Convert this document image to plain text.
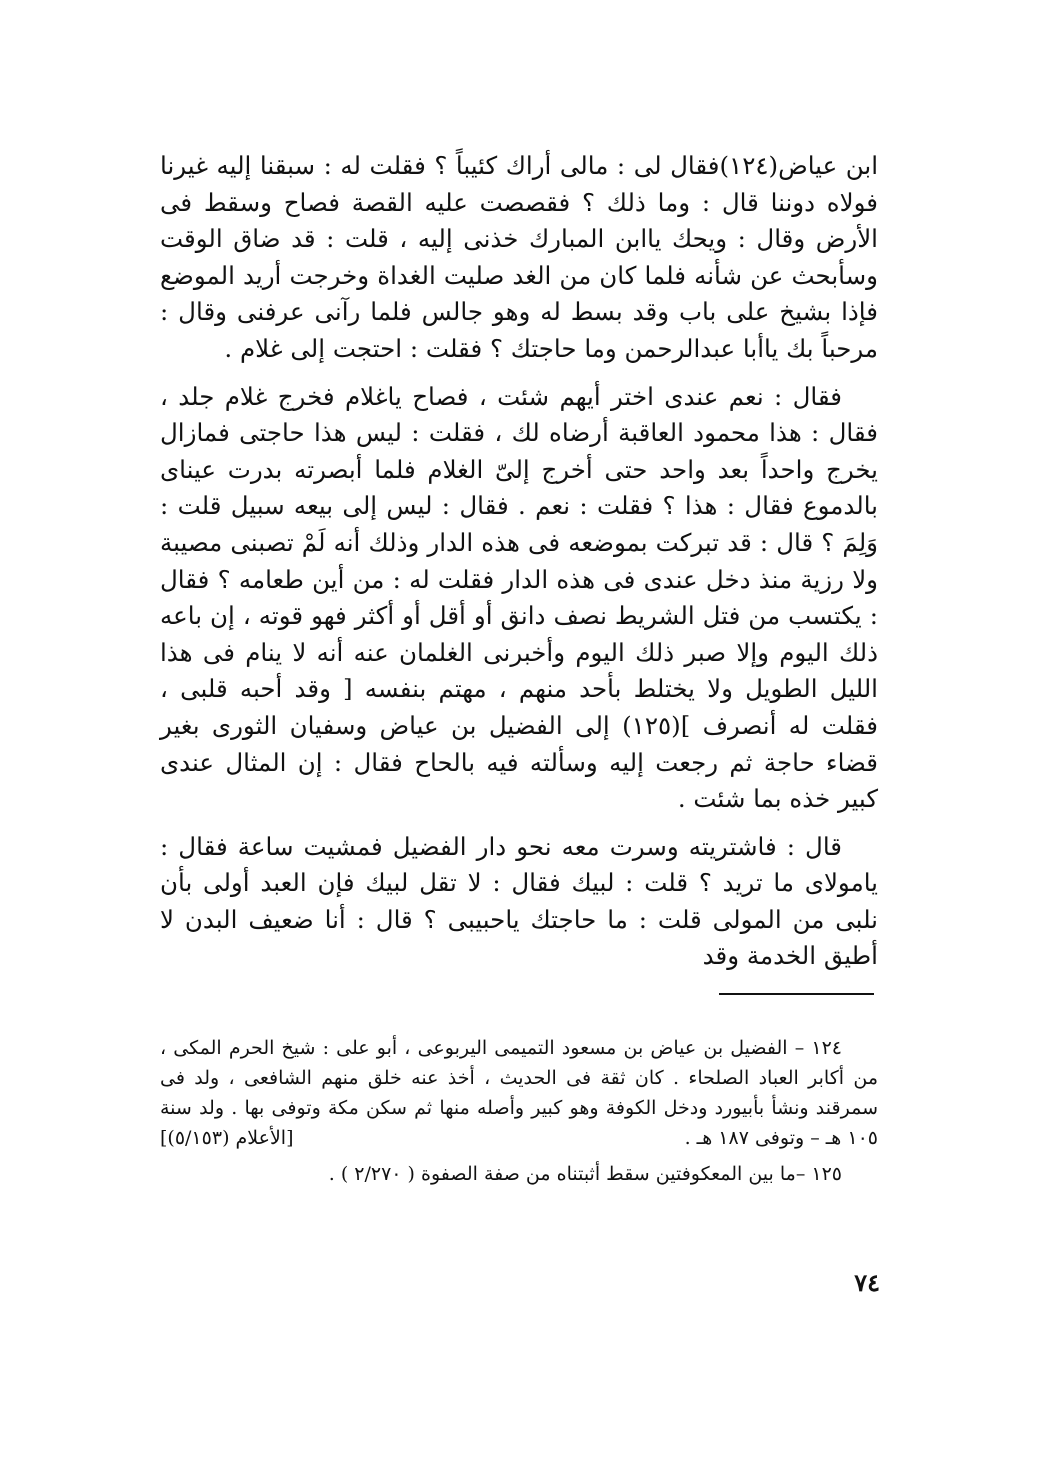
ابن عياض(١٢٤)فقال لى : مالى أراك كئيباً ؟ فقلت له : سبقنا إليه غيرنا فولاه دوننا قال : وما ذلك ؟ فقصصت عليه القصة فصاح وسقط فى الأرض وقال : ويحك ياابن المبارك خذنى إليه ، قلت : قد ضاق الوقت وسأبحث عن شأنه فلما كان من الغد صليت الغداة وخرجت أريد الموضع فإذا بشيخ على باب وقد بسط له وهو جالس فلما رآنى عرفنى وقال : مرحباً بك ياأبا عبدالرحمن وما حاجتك ؟ فقلت : احتجت إلى غلام .

فقال : نعم عندى اختر أيهم شئت ، فصاح ياغلام فخرج غلام جلد ، فقال : هذا محمود العاقبة أرضاه لك ، فقلت : ليس هذا حاجتى فمازال يخرج واحداً بعد واحد حتى أخرج إلىّ الغلام فلما أبصرته بدرت عيناى بالدموع فقال : هذا ؟ فقلت : نعم . فقال : ليس إلى بيعه سبيل قلت : وَلِمَ ؟ قال : قد تبركت بموضعه فى هذه الدار وذلك أنه لَمْ تصبنى مصيبة ولا رزية منذ دخل عندى فى هذه الدار فقلت له : من أين طعامه ؟ فقال : يكتسب من فتل الشريط نصف دانق أو أقل أو أكثر فهو قوته ، إن باعه ذلك اليوم وإلا صبر ذلك اليوم وأخبرنى الغلمان عنه أنه لا ينام فى هذا الليل الطويل ولا يختلط بأحد منهم ، مهتم بنفسه [ وقد أحبه قلبى ، فقلت له أنصرف ](١٢٥) إلى الفضيل بن عياض وسفيان الثورى بغير قضاء حاجة ثم رجعت إليه وسألته فيه بالحاح فقال : إن المثال عندى كبير خذه بما شئت .

قال : فاشتريته وسرت معه نحو دار الفضيل فمشيت ساعة فقال : يامولاى ما تريد ؟ قلت : لبيك فقال : لا تقل لبيك فإن العبد أولى بأن نلبى من المولى قلت : ما حاجتك ياحبيبى ؟ قال : أنا ضعيف البدن لا أطيق الخدمة وقد

١٢٤ – الفضيل بن عياض بن مسعود التميمى اليربوعى ، أبو على : شيخ الحرم المكى ، من أكابر العباد الصلحاء . كان ثقة فى الحديث ، أخذ عنه خلق منهم الشافعى ، ولد فى سمرقند ونشأ بأبيورد ودخل الكوفة وهو كبير وأصله منها ثم سكن مكة وتوفى بها . ولد سنة ١٠٥ هـ – وتوفى ١٨٧ هـ .
[الأعلام (٥/١٥٣)]

١٢٥ –ما بين المعكوفتين سقط أثبتناه من صفة الصفوة ( ٢/٢٧٠ ) .

٧٤
